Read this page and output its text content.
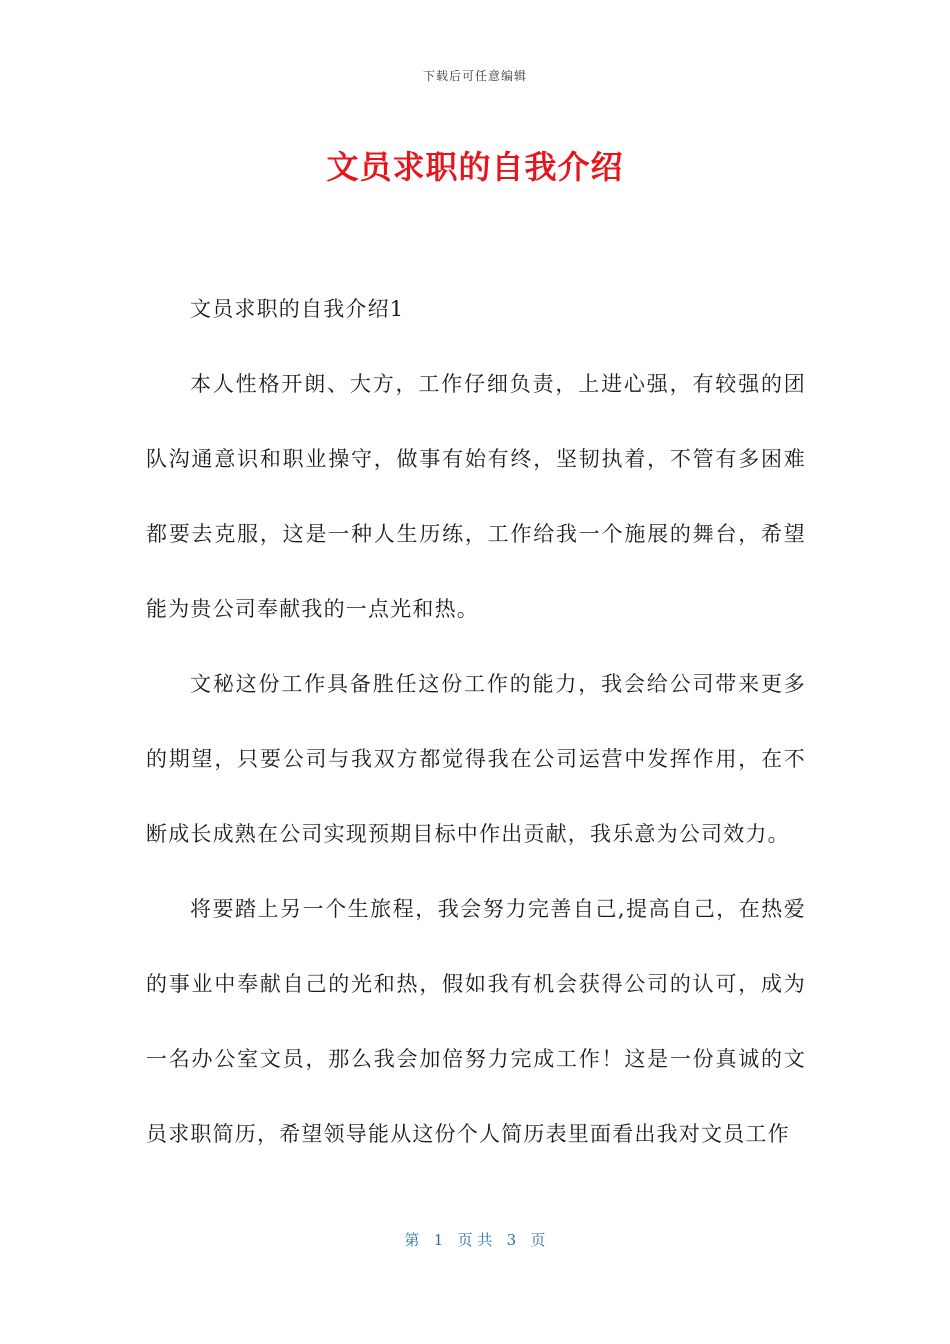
下载后可任意编辑
文员求职的自我介绍

文员求职的自我介绍1

本人性格开朗、大方，工作仔细负责，上进心强，有较强的团队沟通意识和职业操守，做事有始有终，坚韧执着，不管有多困难都要去克服，这是一种人生历练，工作给我一个施展的舞台，希望能为贵公司奉献我的一点光和热。

文秘这份工作具备胜任这份工作的能力，我会给公司带来更多的期望，只要公司与我双方都觉得我在公司运营中发挥作用，在不断成长成熟在公司实现预期目标中作出贡献，我乐意为公司效力。

将要踏上另一个生旅程，我会努力完善自己,提高自己，在热爱的事业中奉献自己的光和热，假如我有机会获得公司的认可，成为一名办公室文员，那么我会加倍努力完成工作！这是一份真诚的文员求职简历，希望领导能从这份个人简历表里面看出我对文员工作

第   1   页 共   3   页
